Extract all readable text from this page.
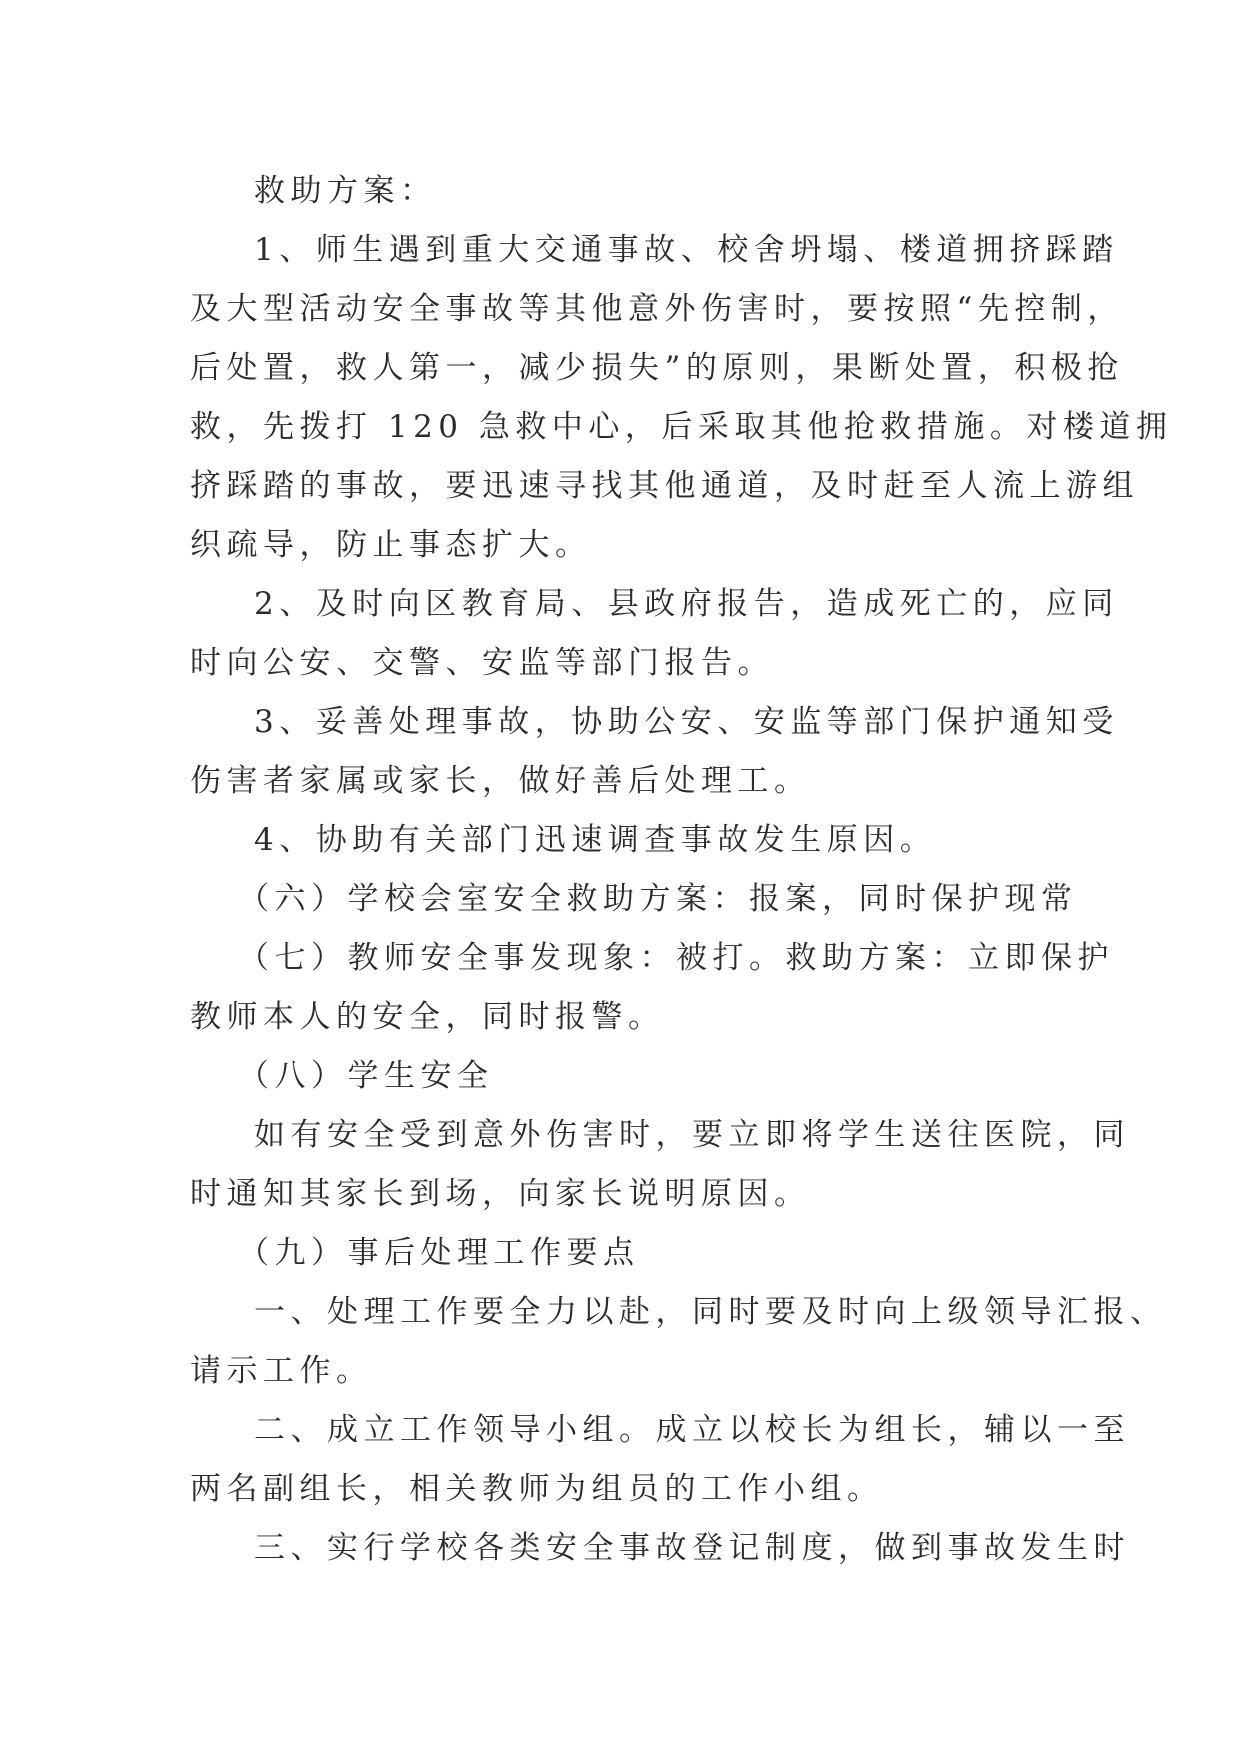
救助方案：
1、师生遇到重大交通事故、校舍坍塌、楼道拥挤踩踏
及大型活动安全事故等其他意外伤害时，要按照“先控制，
后处置，救人第一，减少损失”的原则，果断处置，积极抢
救，先拨打 120 急救中心，后采取其他抢救措施。对楼道拥
挤踩踏的事故，要迅速寻找其他通道，及时赶至人流上游组
织疏导，防止事态扩大。
2、及时向区教育局、县政府报告，造成死亡的，应同
时向公安、交警、安监等部门报告。
3、妥善处理事故，协助公安、安监等部门保护通知受
伤害者家属或家长，做好善后处理工。
4、协助有关部门迅速调查事故发生原因。
（六）学校会室安全救助方案：报案，同时保护现常
（七）教师安全事发现象：被打。救助方案：立即保护
教师本人的安全，同时报警。
（八）学生安全
如有安全受到意外伤害时，要立即将学生送往医院，同
时通知其家长到场，向家长说明原因。
（九）事后处理工作要点
一、处理工作要全力以赴，同时要及时向上级领导汇报、
请示工作。
二、成立工作领导小组。成立以校长为组长，辅以一至
两名副组长，相关教师为组员的工作小组。
三、实行学校各类安全事故登记制度，做到事故发生时
